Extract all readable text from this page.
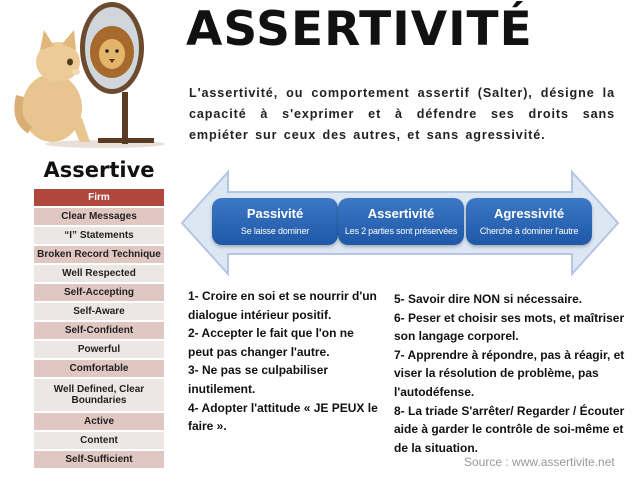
ASSERTIVITÉ
L'assertivité, ou comportement assertif (Salter), désigne la capacité à s'exprimer et à défendre ses droits sans empiéter sur ceux des autres, et sans agressivité.
Assertive
Firm
Clear Messages
“I” Statements
Broken Record Technique
Well Respected
Self-Accepting
Self-Aware
Self-Confident
Powerful
Comfortable
Well Defined, Clear Boundaries
Active
Content
Self-Sufficient
Passivité
Se laisse dominer
Assertivité
Les 2 parties sont préservées
Agressivité
Cherche à dominer l'autre
1- Croire en soi et se nourrir d'un dialogue intérieur positif.
2- Accepter le fait que l'on ne peut pas changer l'autre.
3- Ne pas se culpabiliser inutilement.
4- Adopter l'attitude « JE PEUX le faire ».
5- Savoir dire NON si nécessaire.
6- Peser et choisir ses mots, et maîtriser son langage corporel.
7- Apprendre à répondre, pas à réagir, et viser la résolution de problème, pas l'autodéfense.
8- La triade S'arrêter/ Regarder / Écouter aide à garder le contrôle de soi-même et de la situation.
Source : www.assertivite.net
